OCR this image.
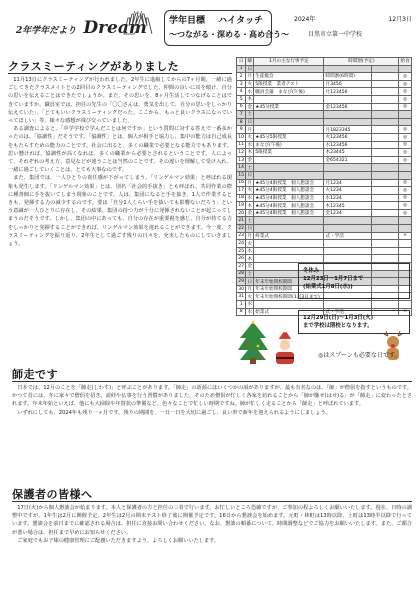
2年学年だより Dream 学年目標 ハイタッチ
～つながる・深める・高め合う～
2024年	12月3日
目黒市立第一中学校
クラスミーティングがありました

11月13日にクラスミーティングが行われました。2年生に進級してからの7ヶ月間、一緒に過ごしてきたクラスメイトとの2回目のクラスミーティングでした。仲間の良いに耳を傾け、自分の思いを伝えることはできたでしょうか。また、その思いを、8ヶ月生活してつなげることはできていますか。職員室では、担任の先生の「〇〇さんは、勇気を出して、自分の思いをしっかり伝えていた」、「とてもいいクラスミーティングだった。ここから、もっと良いクラスになっていってほしい」等、様々な感想が飛び交っていました。

ある調査によると、「中学学校で学んだことは何ですか」という質問に対する答えで一番多かったのは、「協調性」だそうです。「協調性」とは、個人が相手と協力し、集中の能力は自己成長をもたらすための能力のことです。社会に出ると、多くの職業で必要となる能力でもあります。思い懸ければ、協調性が高くなれば、多くの職業から必要とされるということです。人によって、それぞれの考え方、意見などが違うことは当然のことです。その違いを理解して受け入れ、一緒に過ごしていくことは、とても大事なのです。

また、集団では、一人ひとりの責任感が下がってしまう、「リンゲルマン効果」と呼ばれる現象も発生します。「リンゲルマン効果」とは、別名「社会的手抜き」とも呼ばれ、共同作業の際に種善個に手を抜いてしまう現象のことです。人は、集団になると手を抜き、1人で作業するときも、発揮する力の減少するのです。要は「自分1人くらい手を抜いても影響ないだろう」という意識が一人ひとりに存在し、その結果、集団の持つ力が十分に発揮されないことが起こってしまうのだそうです。しかし、集団の中にあっても、自分の存在が重要視を感じ、自分が持てる力をしっかりと発揮することができれば、リンゲルマン効果を違れることができます。今一度、クラスミーティングを振り返り、2年生として過ごす残りの日々を、充実したものにしていきましょう。

日	曜	1月の主な行事予定	時間割(予定)		給食
1	日				
2	月	生徒総会	時間割(6時間)		◎
3	火	5限授業　業者テスト	月3456		◎
4	水	職員会議　まなび(午後)	月123456		◎
5	木				◎
6	金	★45分授業	金123456		◎
7	土				
8	日				
9	月		月1823345		◎
10	火	★45分5限授業	火123456		◎
11	水	まなび(午後)	水123456		◎
12	木	5限授業	木23445		◎
13	金		金654321		◎
14	土				
15	日				
16	月	★45分4限授業　個人懇談会	月1234		◎
17	火	★45分4限授業　個人懇談会	火1234		◎
18	水	★45分4限授業　個人懇談会	水1234		◎
19	木	★45分4限授業　個人懇談会	木12345		◎
20	金	★45分4限授業　個人懇談会	金1234		◎
21	土				
22	日				
23	月	終業式	式・学活		×
24	火				
25	水				
26	木				
27	金				
28	土				
29	日	年末年始閉校期間			
30	月	年末年始閉校期間			
31	火	年末年始閉校期間(1月3日まで)			
1	水				
8	水	始業式	式・学活		×
冬休み
12月23日～1月7日まで
(始業式1月8日(水))
12月29日(日)～1月3日(火)
まで学校は閉校となります。
◎はスプーンも必要な日です。
師走です

日本では、12月のことを「師走(しわす)」と呼ぶことがあります。「師走」の語源にはいくつかの説がありますが、最も有名なのは、「師」が僧侶を指すというものです。かつて昔には、冬に家々で僧侶を招き、読経や仏事を行う習慣がありました。そのため僧侶が忙しく各家を訪れることから「師が馳せ(はせ)る」が「師走」に変わったとされます。年末年始といえば、他にも大掃除や年賀状の準備など、色々なことで忙しい時期ですね。師が忙しく走ることから「師走」と呼ばれています。

いずれにしても、2024年も残り一ヶ月です。残りの期間を、一日一日を大切に過ごし、良い形で新年を迎えられるようにしましょう。

保護者の皆様へ

17日(火)から個人懇談会が始まります。本人と保護者の方と担任の三者で行います。お忙しいところ恐縮ですが、ご参加の程よろしくお願いいたします。現在、日時の調整中ですが、1年生は2月に開催予定、2年生は2月の期末テスト終了後に開催予定です。16日から懇談会を始めます。元町・林町は13時以降、上町は13時半以降で行っています。懇談会を前日までに確認される場合は、担任に直接お問い合わせください。なお、懇談の順番について、時間調整などでご協力をお願いいたします。また、ご都合が悪い場合は、担任まで早めにお知らせください。

ご家庭でもお子様の健康管理にご配慮いただきますよう、よろしくお願いいたします。
